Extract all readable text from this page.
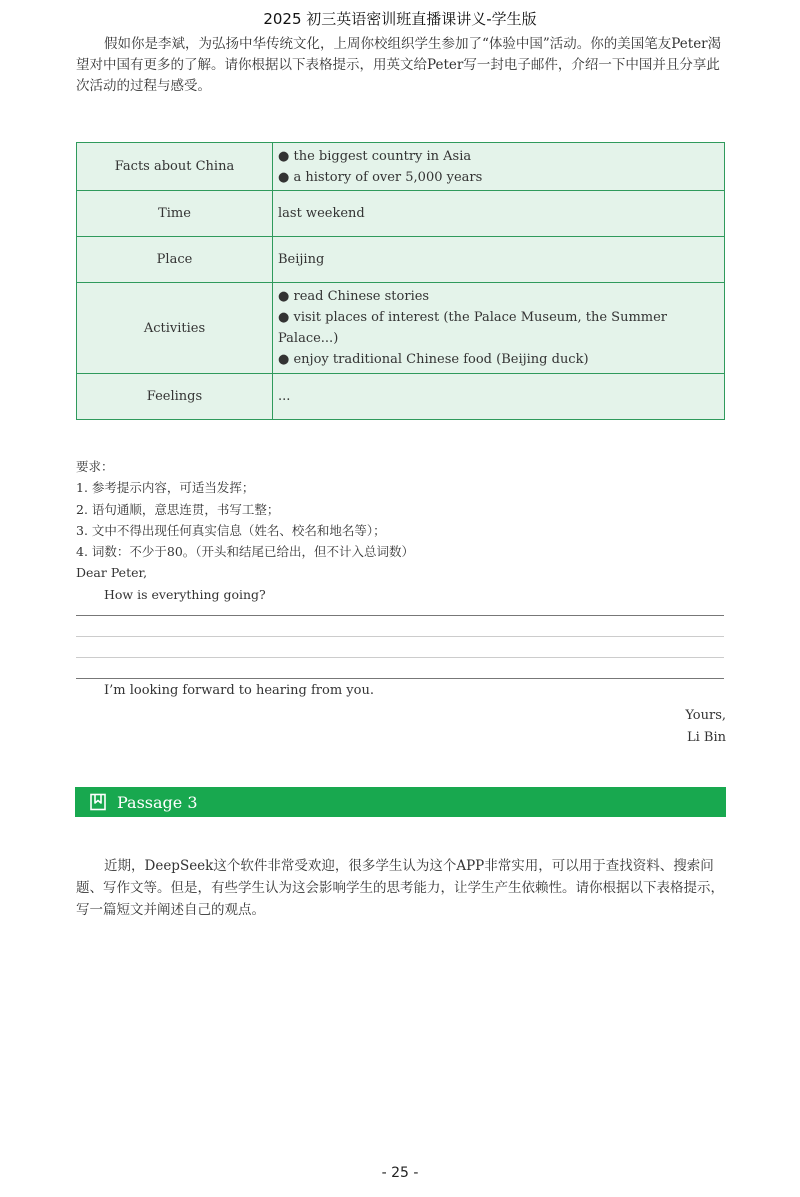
2025 初三英语密训班直播课讲义-学生版
假如你是李斌，为弘扬中华传统文化，上周你校组织学生参加了“体验中国”活动。你的美国笔友Peter渴望对中国有更多的了解。请你根据以下表格提示，用英文给Peter写一封电子邮件，介绍一下中国并且分享此次活动的过程与感受。
Facts about China	● the biggest country in Asia
● a history of over 5,000 years

Time	last weekend
Place	Beijing
Activities	● read Chinese stories
● visit places of interest (the Palace Museum, the Summer Palace...)
● enjoy traditional Chinese food (Beijing duck)

Feelings	...
要求：
1. 参考提示内容，可适当发挥；
2. 语句通顺，意思连贯，书写工整；
3. 文中不得出现任何真实信息（姓名、校名和地名等）；
4. 词数：不少于80。（开头和结尾已给出，但不计入总词数）
Dear Peter,
How is everything going?
I’m looking forward to hearing from you.
Yours,
Li Bin
Passage 3
近期，DeepSeek这个软件非常受欢迎，很多学生认为这个APP非常实用，可以用于查找资料、搜索问题、写作文等。但是，有些学生认为这会影响学生的思考能力，让学生产生依赖性。请你根据以下表格提示，写一篇短文并阐述自己的观点。
- 25 -
